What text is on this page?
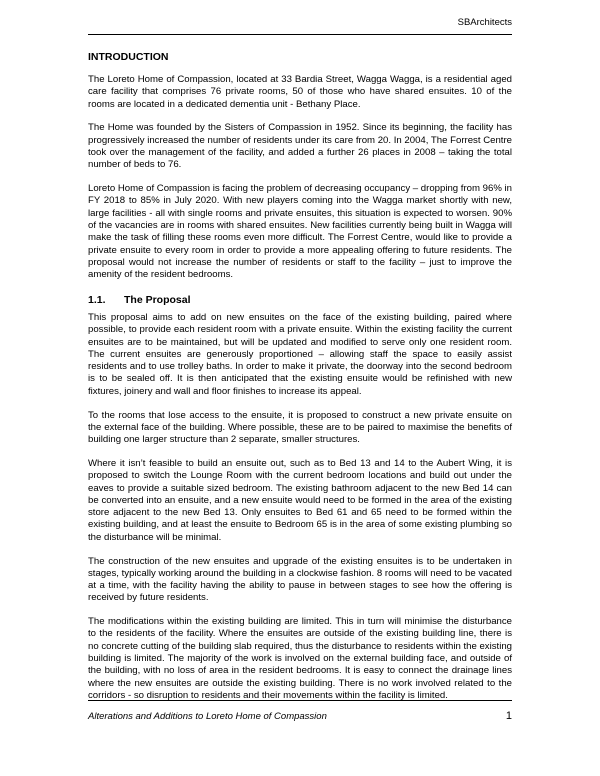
SBArchitects
INTRODUCTION

The Loreto Home of Compassion, located at 33 Bardia Street, Wagga Wagga, is a residential aged care facility that comprises 76 private rooms, 50 of those who have shared ensuites. 10 of the rooms are located in a dedicated dementia unit - Bethany Place.

The Home was founded by the Sisters of Compassion in 1952. Since its beginning, the facility has progressively increased the number of residents under its care from 20. In 2004, The Forrest Centre took over the management of the facility, and added a further 26 places in 2008 – taking the total number of beds to 76.

Loreto Home of Compassion is facing the problem of decreasing occupancy – dropping from 96% in FY 2018 to 85% in July 2020. With new players coming into the Wagga market shortly with new, large facilities - all with single rooms and private ensuites, this situation is expected to worsen. 90% of the vacancies are in rooms with shared ensuites. New facilities currently being built in Wagga will make the task of filling these rooms even more difficult. The Forrest Centre, would like to provide a private ensuite to every room in order to provide a more appealing offering to future residents. The proposal would not increase the number of residents or staff to the facility – just to improve the amenity of the resident bedrooms.

1.1.	The Proposal

This proposal aims to add on new ensuites on the face of the existing building, paired where possible, to provide each resident room with a private ensuite. Within the existing facility the current ensuites are to be maintained, but will be updated and modified to serve only one resident room. The current ensuites are generously proportioned – allowing staff the space to easily assist residents and to use trolley baths. In order to make it private, the doorway into the second bedroom is to be sealed off. It is then anticipated that the existing ensuite would be refinished with new fixtures, joinery and wall and floor finishes to increase its appeal.

To the rooms that lose access to the ensuite, it is proposed to construct a new private ensuite on the external face of the building. Where possible, these are to be paired to maximise the benefits of building one larger structure than 2 separate, smaller structures.

Where it isn’t feasible to build an ensuite out, such as to Bed 13 and 14 to the Aubert Wing, it is proposed to switch the Lounge Room with the current bedroom locations and build out under the eaves to provide a suitable sized bedroom. The existing bathroom adjacent to the new Bed 14 can be converted into an ensuite, and a new ensuite would need to be formed in the area of the existing store adjacent to the new Bed 13. Only ensuites to Bed 61 and 65 need to be formed within the existing building, and at least the ensuite to Bedroom 65 is in the area of some existing plumbing so the disturbance will be minimal.

The construction of the new ensuites and upgrade of the existing ensuites is to be undertaken in stages, typically working around the building in a clockwise fashion. 8 rooms will need to be vacated at a time, with the facility having the ability to pause in between stages to see how the offering is received by future residents.

The modifications within the existing building are limited. This in turn will minimise the disturbance to the residents of the facility. Where the ensuites are outside of the existing building line, there is no concrete cutting of the building slab required, thus the disturbance to residents within the existing building is limited. The majority of the work is involved on the external building face, and outside of the building, with no loss of area in the resident bedrooms. It is easy to connect the drainage lines where the new ensuites are outside the existing building. There is no work involved related to the corridors - so disruption to residents and their movements within the facility is limited.

Alterations and Additions to Loreto Home of Compassion	1
